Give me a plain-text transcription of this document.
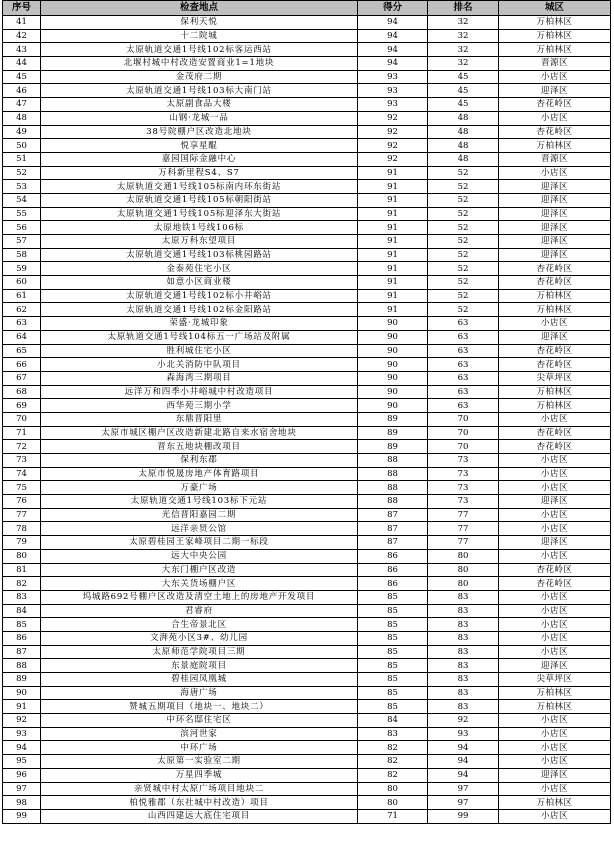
序号	检查地点	得分	排名	城区
41	保利天悦	94	32	万柏林区
42	十二院城	94	32	万柏林区
43	太原轨道交通1号线102标客运西站	94	32	万柏林区
44	北堰村城中村改造安置商业1=1地块	94	32	晋源区
45	金茂府二期	93	45	小店区
46	太原轨道交通1号线103标大南门站	93	45	迎泽区
47	太原副食品大楼	93	45	杏花岭区
48	山钢·龙城一品	92	48	小店区
49	38号院棚户区改造北地块	92	48	杏花岭区
50	悦享星醌	92	48	万柏林区
51	嘉园国际金融中心	92	48	晋源区
52	万科新里程S4、S7	91	52	小店区
53	太原轨道交通1号线105标南内环东街站	91	52	迎泽区
54	太原轨道交通1号线105标朝阳街站	91	52	迎泽区
55	太原轨道交通1号线105标迎泽东大街站	91	52	迎泽区
56	太原地铁1号线106标	91	52	迎泽区
57	太原万科东望项目	91	52	迎泽区
58	太原轨道交通1号线103标桃园路站	91	52	迎泽区
59	金泰苑住宅小区	91	52	杏花岭区
60	如意小区商业楼	91	52	杏花岭区
61	太原轨道交通1号线102标小井峪站	91	52	万柏林区
62	太原轨道交通1号线102标金阳路站	91	52	万柏林区
63	荣盛·龙城印象	90	63	小店区
64	太原轨道交通1号线104标五一广场站及附属	90	63	迎泽区
65	胜利城住宅小区	90	63	杏花岭区
66	小北关消防中队项目	90	63	杏花岭区
67	森海湾三期项目	90	63	尖草坪区
68	远洋万和四季小井峪城中村改造项目	90	63	万柏林区
69	西华苑三期小学	90	63	万柏林区
70	东鼎晋阳里	89	70	小店区
71	太原市城区棚户区改造新建北路自来水宿舍地块	89	70	杏花岭区
72	晋东五地块棚改项目	89	70	杏花岭区
73	保利东郡	88	73	小店区
74	太原市悦晟房地产体育路项目	88	73	小店区
75	万豪广场	88	73	小店区
76	太原轨道交通1号线103标下元站	88	73	迎泽区
77	光信晋阳嘉园二期	87	77	小店区
78	远洋亲贤公馆	87	77	小店区
79	太原碧桂园王家峰项目二期一标段	87	77	迎泽区
80	远大中央公园	86	80	小店区
81	大东门棚户区改造	86	80	杏花岭区
82	大东关货场棚户区	86	80	杏花岭区
83	坞城路692号棚户区改造及清空土地上的房地产开发项目	85	83	小店区
84	君睿府	85	83	小店区
85	合生帝景北区	85	83	小店区
86	文湃苑小区3#、幼儿园	85	83	小店区
87	太原师范学院项目三期	85	83	小店区
88	东景庭院项目	85	83	迎泽区
89	碧桂园凤凰城	85	83	尖草坪区
90	海唐广场	85	83	万柏林区
91	赞城五期项目（地块一、地块二）	85	83	万柏林区
92	中环名邸住宅区	84	92	小店区
93	滨河世家	83	93	小店区
94	中环广场	82	94	小店区
95	太原第一实验室二期	82	94	小店区
96	万星四季城	82	94	迎泽区
97	亲贤城中村太原广场项目地块二	80	97	小店区
98	柏悦雅郡（东社城中村改造）项目	80	97	万柏林区
99	山西四建远大底住宅项目	71	99	小店区
